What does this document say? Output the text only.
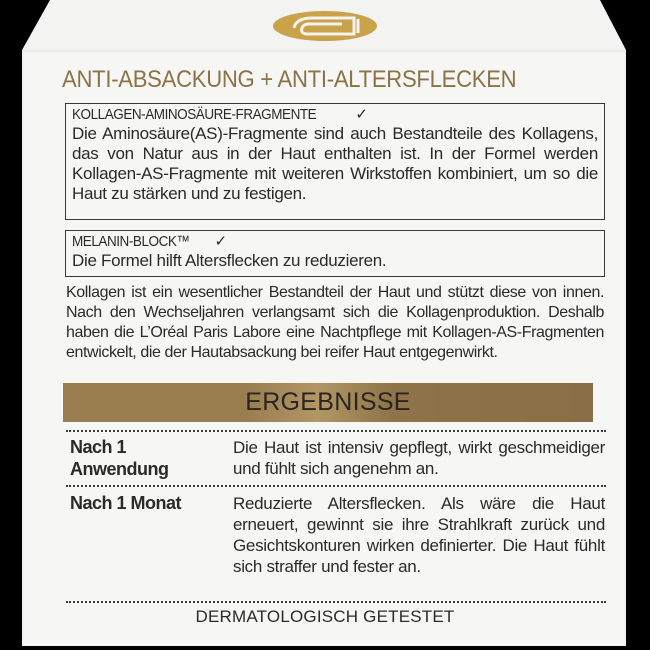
ANTI-ABSACKUNG + ANTI-ALTERSFLECKEN
KOLLAGEN-AMINOSÄURE-FRAGMENTE	✓
Die Aminosäure(AS)-Fragmente sind auch Bestandteile des Kollagens, das von Natur aus in der Haut enthalten ist. In der Formel werden Kollagen-AS-Fragmente mit weiteren Wirkstoffen kombiniert, um so die Haut zu stärken und zu festigen.
MELANIN-BLOCK™ ✓
Die Formel hilft Altersflecken zu reduzieren.
Kollagen ist ein wesentlicher Bestandteil der Haut und stützt diese von innen. Nach den Wechseljahren verlangsamt sich die Kollagenproduktion. Deshalb haben die L’Oréal Paris Labore eine Nachtpflege mit Kollagen-AS-Fragmenten entwickelt, die der Hautabsackung bei reifer Haut entgegenwirkt.
ERGEBNISSE
Nach 1 Anwendung
Die Haut ist intensiv gepflegt, wirkt geschmeidiger und fühlt sich angenehm an.
Nach 1 Monat	Reduzierte Altersflecken. Als wäre die Haut erneuert, gewinnt sie ihre Strahlkraft zurück und Gesichtskonturen wirken definierter. Die Haut fühlt sich straffer und fester an.
DERMATOLOGISCH GETESTET
